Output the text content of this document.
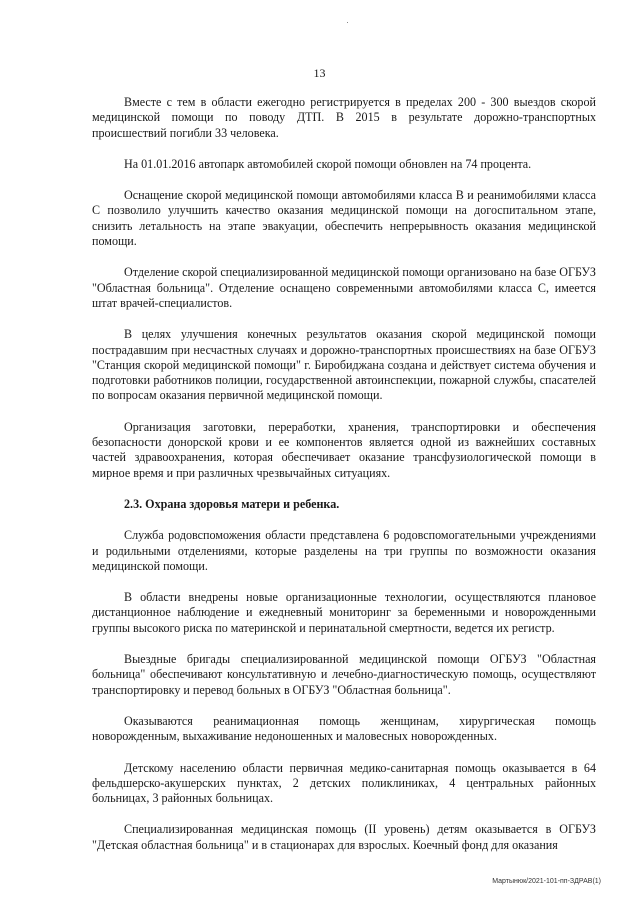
13

Вместе с тем в области ежегодно регистрируется в пределах 200 - 300 выездов скорой медицинской помощи по поводу ДТП. В 2015 в результате дорожно-транспортных происшествий погибли 33 человека.

На 01.01.2016 автопарк автомобилей скорой помощи обновлен на 74 процента.

Оснащение скорой медицинской помощи автомобилями класса В и реанимобилями класса С позволило улучшить качество оказания медицинской помощи на догоспитальном этапе, снизить летальность на этапе эвакуации, обеспечить непрерывность оказания медицинской помощи.

Отделение скорой специализированной медицинской помощи организовано на базе ОГБУЗ "Областная больница". Отделение оснащено современными автомобилями класса С, имеется штат врачей-специалистов.

В целях улучшения конечных результатов оказания скорой медицинской помощи пострадавшим при несчастных случаях и дорожно-транспортных происшествиях на базе ОГБУЗ "Станция скорой медицинской помощи" г. Биробиджана создана и действует система обучения и подготовки работников полиции, государственной автоинспекции, пожарной службы, спасателей по вопросам оказания первичной медицинской помощи.

Организация заготовки, переработки, хранения, транспортировки и обеспечения безопасности донорской крови и ее компонентов является одной из важнейших составных частей здравоохранения, которая обеспечивает оказание трансфузиологической помощи в мирное время и при различных чрезвычайных ситуациях.

2.3. Охрана здоровья матери и ребенка.

Служба родовспоможения области представлена 6 родовспомогательными учреждениями и родильными отделениями, которые разделены на три группы по возможности оказания медицинской помощи.

В области внедрены новые организационные технологии, осуществляются плановое дистанционное наблюдение и ежедневный мониторинг за беременными и новорожденными группы высокого риска по материнской и перинатальной смертности, ведется их регистр.

Выездные бригады специализированной медицинской помощи ОГБУЗ "Областная больница" обеспечивают консультативную и лечебно-диагностическую помощь, осуществляют транспортировку и перевод больных в ОГБУЗ "Областная больница".

Оказываются реанимационная помощь женщинам, хирургическая помощь новорожденным, выхаживание недоношенных и маловесных новорожденных.

Детскому населению области первичная медико-санитарная помощь оказывается в 64 фельдшерско-акушерских пунктах, 2 детских поликлиниках, 4 центральных районных больницах, 3 районных больницах.

Специализированная медицинская помощь (II уровень) детям оказывается в ОГБУЗ "Детская областная больница" и в стационарах для взрослых. Коечный фонд для оказания

Мартынюк/2021-101-пп-ЗДРАВ(1)
